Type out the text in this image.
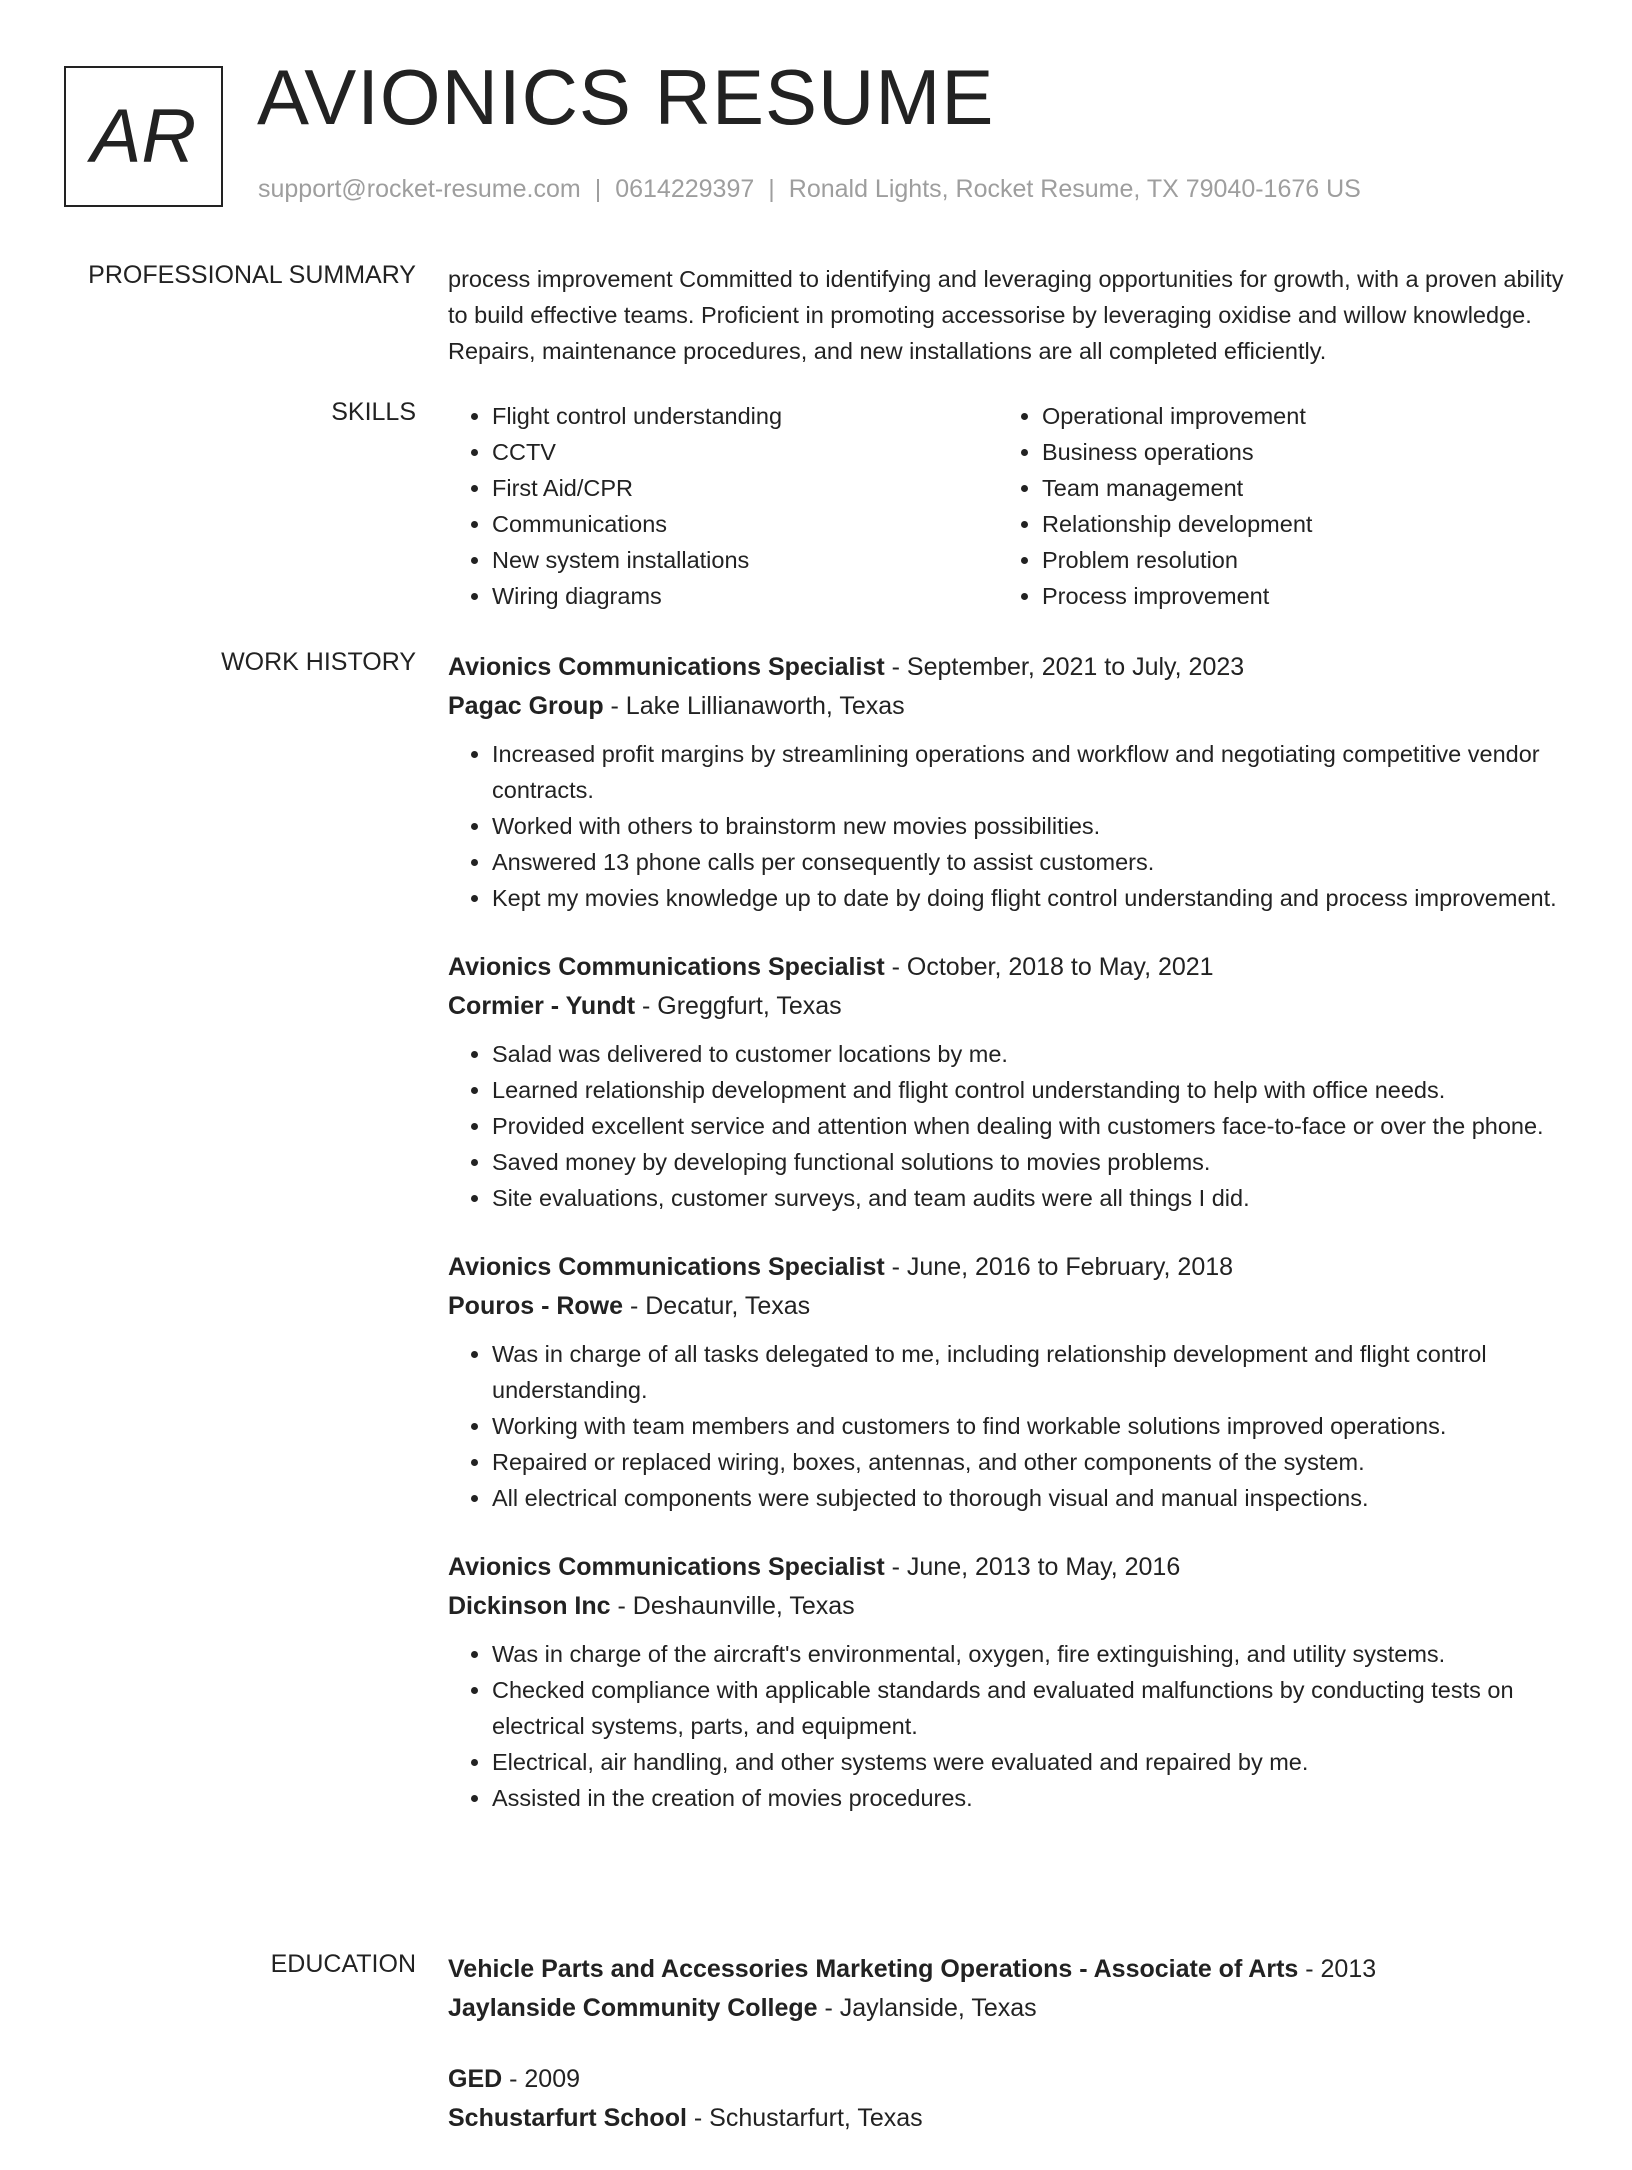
AR AVIONICS RESUME
support@rocket-resume.com | 0614229397 | Ronald Lights, Rocket Resume, TX 79040-1676 US
PROFESSIONAL SUMMARY process improvement Committed to identifying and leveraging opportunities for growth, with a proven ability to build effective teams. Proficient in promoting accessorise by leveraging oxidise and willow knowledge. Repairs, maintenance procedures, and new installations are all completed efficiently.

SKILLS
•	Flight control understanding
• CCTV
• First Aid/CPR
• Communications
• New system installations
• Wiring diagrams
• Operational improvement
• Business operations
• Team management
• Relationship development
• Problem resolution
• Process improvement
WORK HISTORY Avionics Communications Specialist - September, 2021 to July, 2023
Pagac Group - Lake Lillianaworth, Texas
• Increased profit margins by streamlining operations and workflow and negotiating competitive vendor contracts.
• Worked with others to brainstorm new movies possibilities.
• Answered 13 phone calls per consequently to assist customers.
• Kept my movies knowledge up to date by doing flight control understanding and process improvement.
Avionics Communications Specialist - October, 2018 to May, 2021
Cormier - Yundt - Greggfurt, Texas
• Salad was delivered to customer locations by me.
• Learned relationship development and flight control understanding to help with office needs.
• Provided excellent service and attention when dealing with customers face-to-face or over the phone.
• Saved money by developing functional solutions to movies problems.
• Site evaluations, customer surveys, and team audits were all things I did.
Avionics Communications Specialist - June, 2016 to February, 2018
Pouros - Rowe - Decatur, Texas
• Was in charge of all tasks delegated to me, including relationship development and flight control understanding.
• Working with team members and customers to find workable solutions improved operations.
• Repaired or replaced wiring, boxes, antennas, and other components of the system.
• All electrical components were subjected to thorough visual and manual inspections.
Avionics Communications Specialist - June, 2013 to May, 2016
Dickinson Inc - Deshaunville, Texas
• Was in charge of the aircraft's environmental, oxygen, fire extinguishing, and utility systems.
• Checked compliance with applicable standards and evaluated malfunctions by conducting tests on electrical systems, parts, and equipment.
• Electrical, air handling, and other systems were evaluated and repaired by me.
• Assisted in the creation of movies procedures.
EDUCATION Vehicle Parts and Accessories Marketing Operations - Associate of Arts - 2013
Jaylanside Community College - Jaylanside, Texas
GED - 2009
Schustarfurt School - Schustarfurt, Texas
